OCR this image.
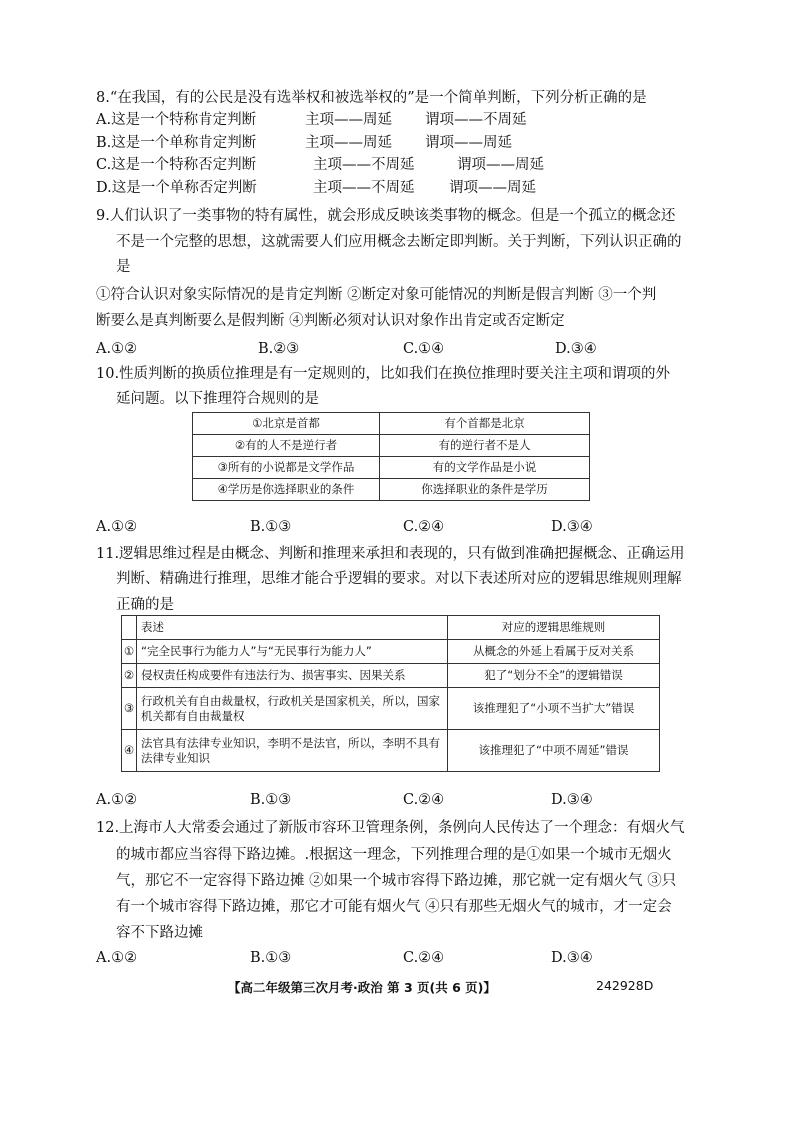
8.“在我国，有的公民是没有选举权和被选举权的”是一个简单判断，下列分析正确的是
A.这是一个特称肯定判断	主项——周延 谓项——不周延
B.这是一个单称肯定判断	主项——周延 谓项——周延
C.这是一个特称否定判断	主项——不周延	谓项——周延
D.这是一个单称否定判断	主项——不周延 谓项——周延
9.人们认识了一类事物的特有属性，就会形成反映该类事物的概念。但是一个孤立的概念还
不是一个完整的思想，这就需要人们应用概念去断定即判断。关于判断，下列认识正确的
是
①符合认识对象实际情况的是肯定判断 ②断定对象可能情况的判断是假言判断 ③一个判
断要么是真判断要么是假判断 ④判断必须对认识对象作出肯定或否定断定
A.①②	B.②③	C.①④	D.③④
10.性质判断的换质位推理是有一定规则的，比如我们在换位推理时要关注主项和谓项的外
延问题。以下推理符合规则的是
①北京是首都	有个首都是北京
②有的人不是逆行者	有的逆行者不是人
③所有的小说都是文学作品	有的文学作品是小说
④学历是你选择职业的条件	你选择职业的条件是学历
A.①②	B.①③	C.②④	D.③④
11.逻辑思维过程是由概念、判断和推理来承担和表现的，只有做到准确把握概念、正确运用
判断、精确进行推理，思维才能合乎逻辑的要求。对以下表述所对应的逻辑思维规则理解
正确的是
	表述	对应的逻辑思维规则
①	“完全民事行为能力人”与“无民事行为能力人”	从概念的外延上看属于反对关系
②	侵权责任构成要件有违法行为、损害事实、因果关系	犯了“划分不全”的逻辑错误
③	行政机关有自由裁量权，行政机关是国家机关，所以，国家机关都有自由裁量权	该推理犯了“小项不当扩大”错误
④	法官具有法律专业知识，李明不是法官，所以，李明不具有法律专业知识	该推理犯了“中项不周延”错误
A.①②	B.①③	C.②④	D.③④
12.上海市人大常委会通过了新版市容环卫管理条例，条例向人民传达了一个理念：有烟火气
的城市都应当容得下路边摊。.根据这一理念，下列推理合理的是①如果一个城市无烟火
气，那它不一定容得下路边摊 ②如果一个城市容得下路边摊，那它就一定有烟火气 ③只
有一个城市容得下路边摊，那它才可能有烟火气 ④只有那些无烟火气的城市，才一定会
容不下路边摊
A.①②	B.①③	C.②④	D.③④
【高二年级第三次月考·政治 第 3 页(共 6 页)】	242928D
